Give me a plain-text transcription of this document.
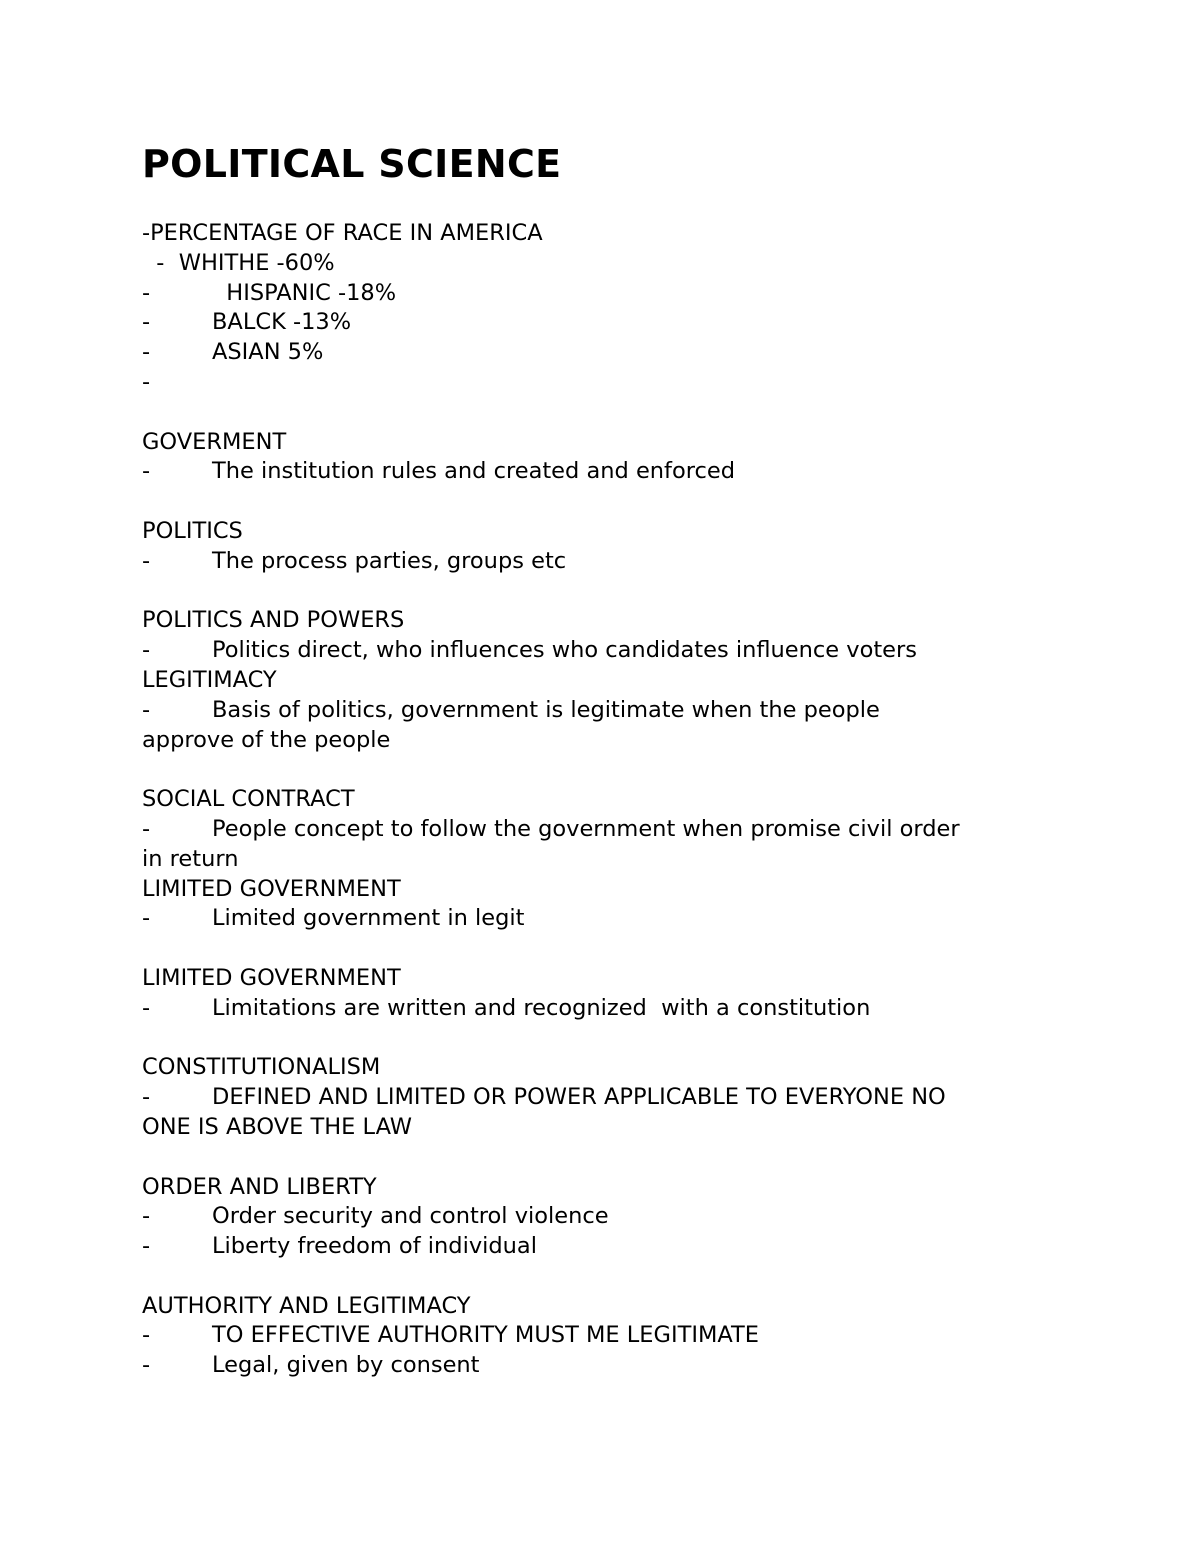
POLITICAL SCIENCE
-PERCENTAGE OF RACE IN AMERICA
-  WHITHE -60%
-	HISPANIC -18%
-	BALCK -13%
-	ASIAN 5%
-
GOVERMENT
-	The institution rules and created and enforced
POLITICS
-	The process parties, groups etc
POLITICS AND POWERS
-	Politics direct, who influences who candidates influence voters
LEGITIMACY
-	Basis of politics, government is legitimate when the people
approve of the people
SOCIAL CONTRACT
-	People concept to follow the government when promise civil order
in return
LIMITED GOVERNMENT
-	Limited government in legit
LIMITED GOVERNMENT
-	Limitations are written and recognized  with a constitution
CONSTITUTIONALISM
-	DEFINED AND LIMITED OR POWER APPLICABLE TO EVERYONE NO
ONE IS ABOVE THE LAW
ORDER AND LIBERTY
-	Order security and control violence
-	Liberty freedom of individual
AUTHORITY AND LEGITIMACY
-	TO EFFECTIVE AUTHORITY MUST ME LEGITIMATE
-	Legal, given by consent
